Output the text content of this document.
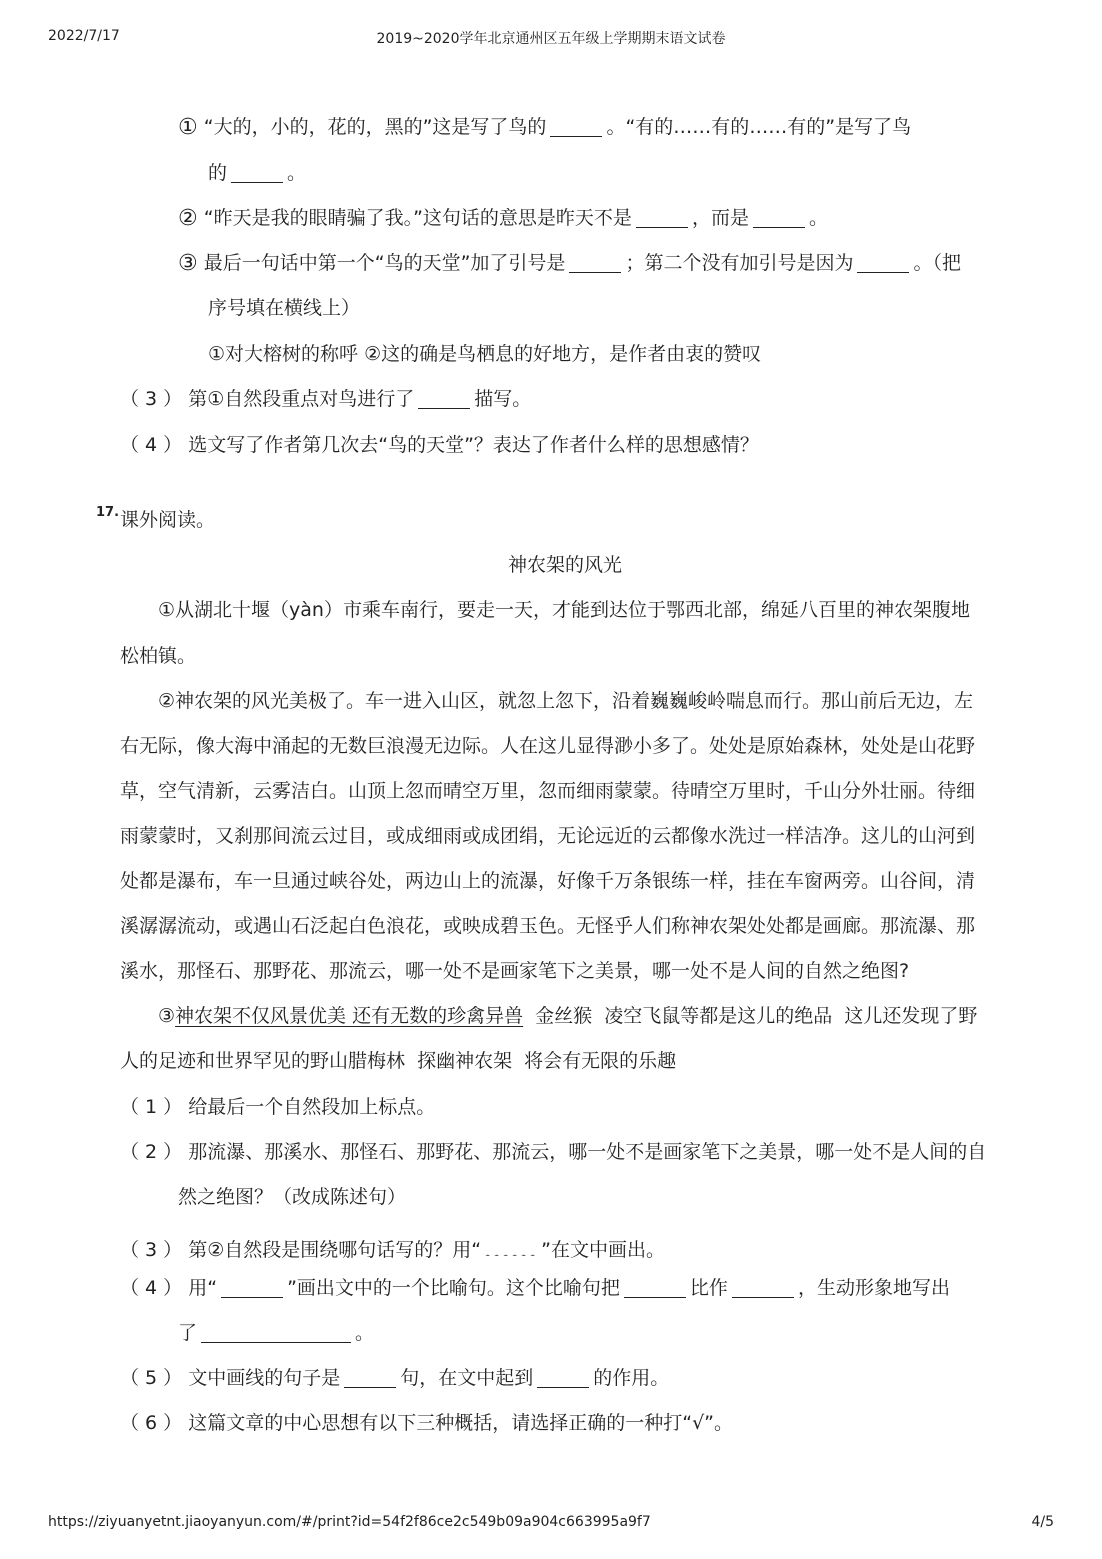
2022/7/17	2019~2020学年北京通州区五年级上学期期末语文试卷
① “大的，小的，花的，黑的”这是写了鸟的	。“有的……有的……有的”是写了鸟
的	。
② “昨天是我的眼睛骗了我。”这句话的意思是昨天不是	，而是	。
③ 最后一句话中第一个“鸟的天堂”加了引号是	；第二个没有加引号是因为	。（把
序号填在横线上）
①对大榕树的称呼 ②这的确是鸟栖息的好地方，是作者由衷的赞叹
（ 3 ） 第①自然段重点对鸟进行了	描写。
（ 4 ） 选文写了作者第几次去“鸟的天堂”？表达了作者什么样的思想感情？
17. 课外阅读。
神农架的风光
①从湖北十堰（yàn）市乘车南行，要走一天，才能到达位于鄂西北部，绵延八百里的神农架腹地
松柏镇。
②神农架的风光美极了。车一进入山区，就忽上忽下，沿着巍巍峻岭喘息而行。那山前后无边，左
右无际，像大海中涌起的无数巨浪漫无边际。人在这儿显得渺小多了。处处是原始森林，处处是山花野
草，空气清新，云雾洁白。山顶上忽而晴空万里，忽而细雨蒙蒙。待晴空万里时，千山分外壮丽。待细
雨蒙蒙时，又刹那间流云过目，或成细雨或成团绢，无论远近的云都像水洗过一样洁净。这儿的山河到
处都是瀑布，车一旦通过峡谷处，两边山上的流瀑，好像千万条银练一样，挂在车窗两旁。山谷间，清
溪潺潺流动，或遇山石泛起白色浪花，或映成碧玉色。无怪乎人们称神农架处处都是画廊。那流瀑、那
溪水，那怪石、那野花、那流云，哪一处不是画家笔下之美景，哪一处不是人间的自然之绝图?
③神农架不仅风景优美 还有无数的珍禽异兽  金丝猴  凌空飞鼠等都是这儿的绝品  这儿还发现了野
人的足迹和世界罕见的野山腊梅林  探幽神农架  将会有无限的乐趣
（ 1 ） 给最后一个自然段加上标点。
（ 2 ） 那流瀑、那溪水、那怪石、那野花、那流云，哪一处不是画家笔下之美景，哪一处不是人间的自
然之绝图？（改成陈述句）
（ 3 ） 第②自然段是围绕哪句话写的？用“	”在文中画出。
（ 4 ） 用“	”画出文中的一个比喻句。这个比喻句把	比作	，生动形象地写出
了	。
（ 5 ） 文中画线的句子是	句，在文中起到	的作用。
（ 6 ） 这篇文章的中心思想有以下三种概括，请选择正确的一种打“√”。
https://ziyuanyetnt.jiaoyanyun.com/#/print?id=54f2f86ce2c549b09a904c663995a9f7	4/5
